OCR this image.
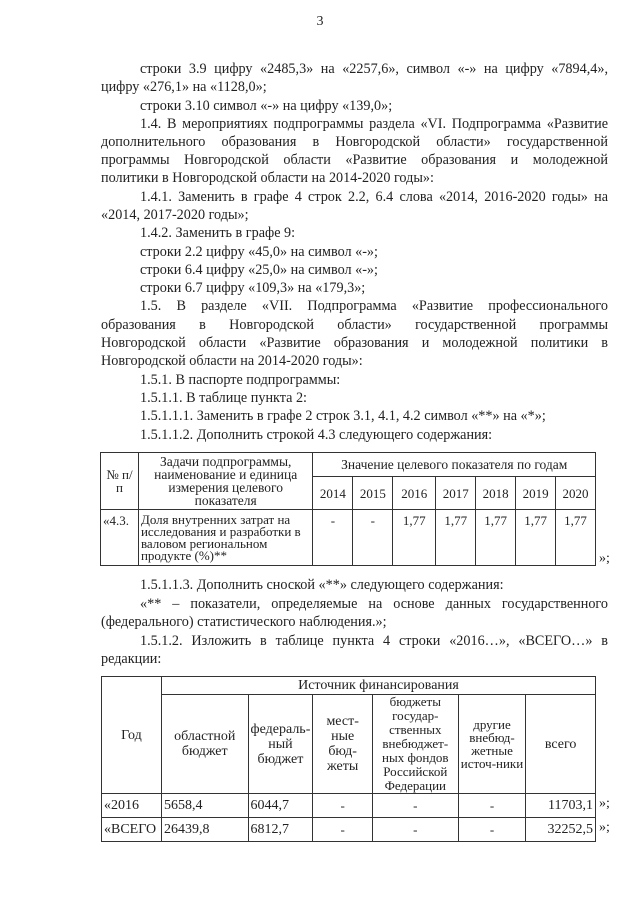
3
строки 3.9 цифру «2485,3» на «2257,6», символ «-» на цифру «7894,4»,
цифру «276,1» на «1128,0»;
строки 3.10 символ «-» на цифру «139,0»;
1.4. В мероприятиях подпрограммы раздела «VI. Подпрограмма «Развитие
дополнительного образования в Новгородской области» государственной
программы Новгородской области «Развитие образования и молодежной
политики в Новгородской области на 2014-2020 годы»:
1.4.1. Заменить в графе 4 строк 2.2, 6.4 слова «2014, 2016-2020 годы» на
«2014, 2017-2020 годы»;
1.4.2. Заменить в графе 9:
строки 2.2 цифру «45,0» на символ «-»;
строки 6.4 цифру «25,0» на символ «-»;
строки 6.7 цифру «109,3» на «179,3»;
1.5. В разделе «VII. Подпрограмма «Развитие профессионального
образования в Новгородской области» государственной программы
Новгородской области «Развитие образования и молодежной политики в
Новгородской области на 2014-2020 годы»:
1.5.1. В паспорте подпрограммы:
1.5.1.1. В таблице пункта 2:
1.5.1.1.1. Заменить в графе 2 строк 3.1, 4.1, 4.2 символ «**» на «*»;
1.5.1.1.2. Дополнить строкой 4.3 следующего содержания:
№ п/п	Задачи подпрограммы, наименование и единица измерения целевого показателя	Значение целевого показателя по годам						
		2014	2015	2016	2017	2018	2019	2020
«4.3.	Доля внутренних затрат на исследования и разработки в валовом региональном продукте (%)**	-	-	1,77	1,77	1,77	1,77	1,77
»;
1.5.1.1.3. Дополнить сноской «**» следующего содержания:
«** – показатели, определяемые на основе данных государственного
(федерального) статистического наблюдения.»;
1.5.1.2. Изложить в таблице пункта 4 строки «2016…», «ВСЕГО…» в
редакции:
Год	Источник финансирования					
	областной бюджет	федераль-ный бюджет	мест-ные бюд-жеты	бюджеты государ-ственных внебюджет-ных фондов Российской Федерации	другие внебюд-жетные источ-ники	всего
«2016	5658,4	6044,7	-	-	-	11703,1
«ВСЕГО	26439,8	6812,7	-	-	-	32252,5
»;
»;
